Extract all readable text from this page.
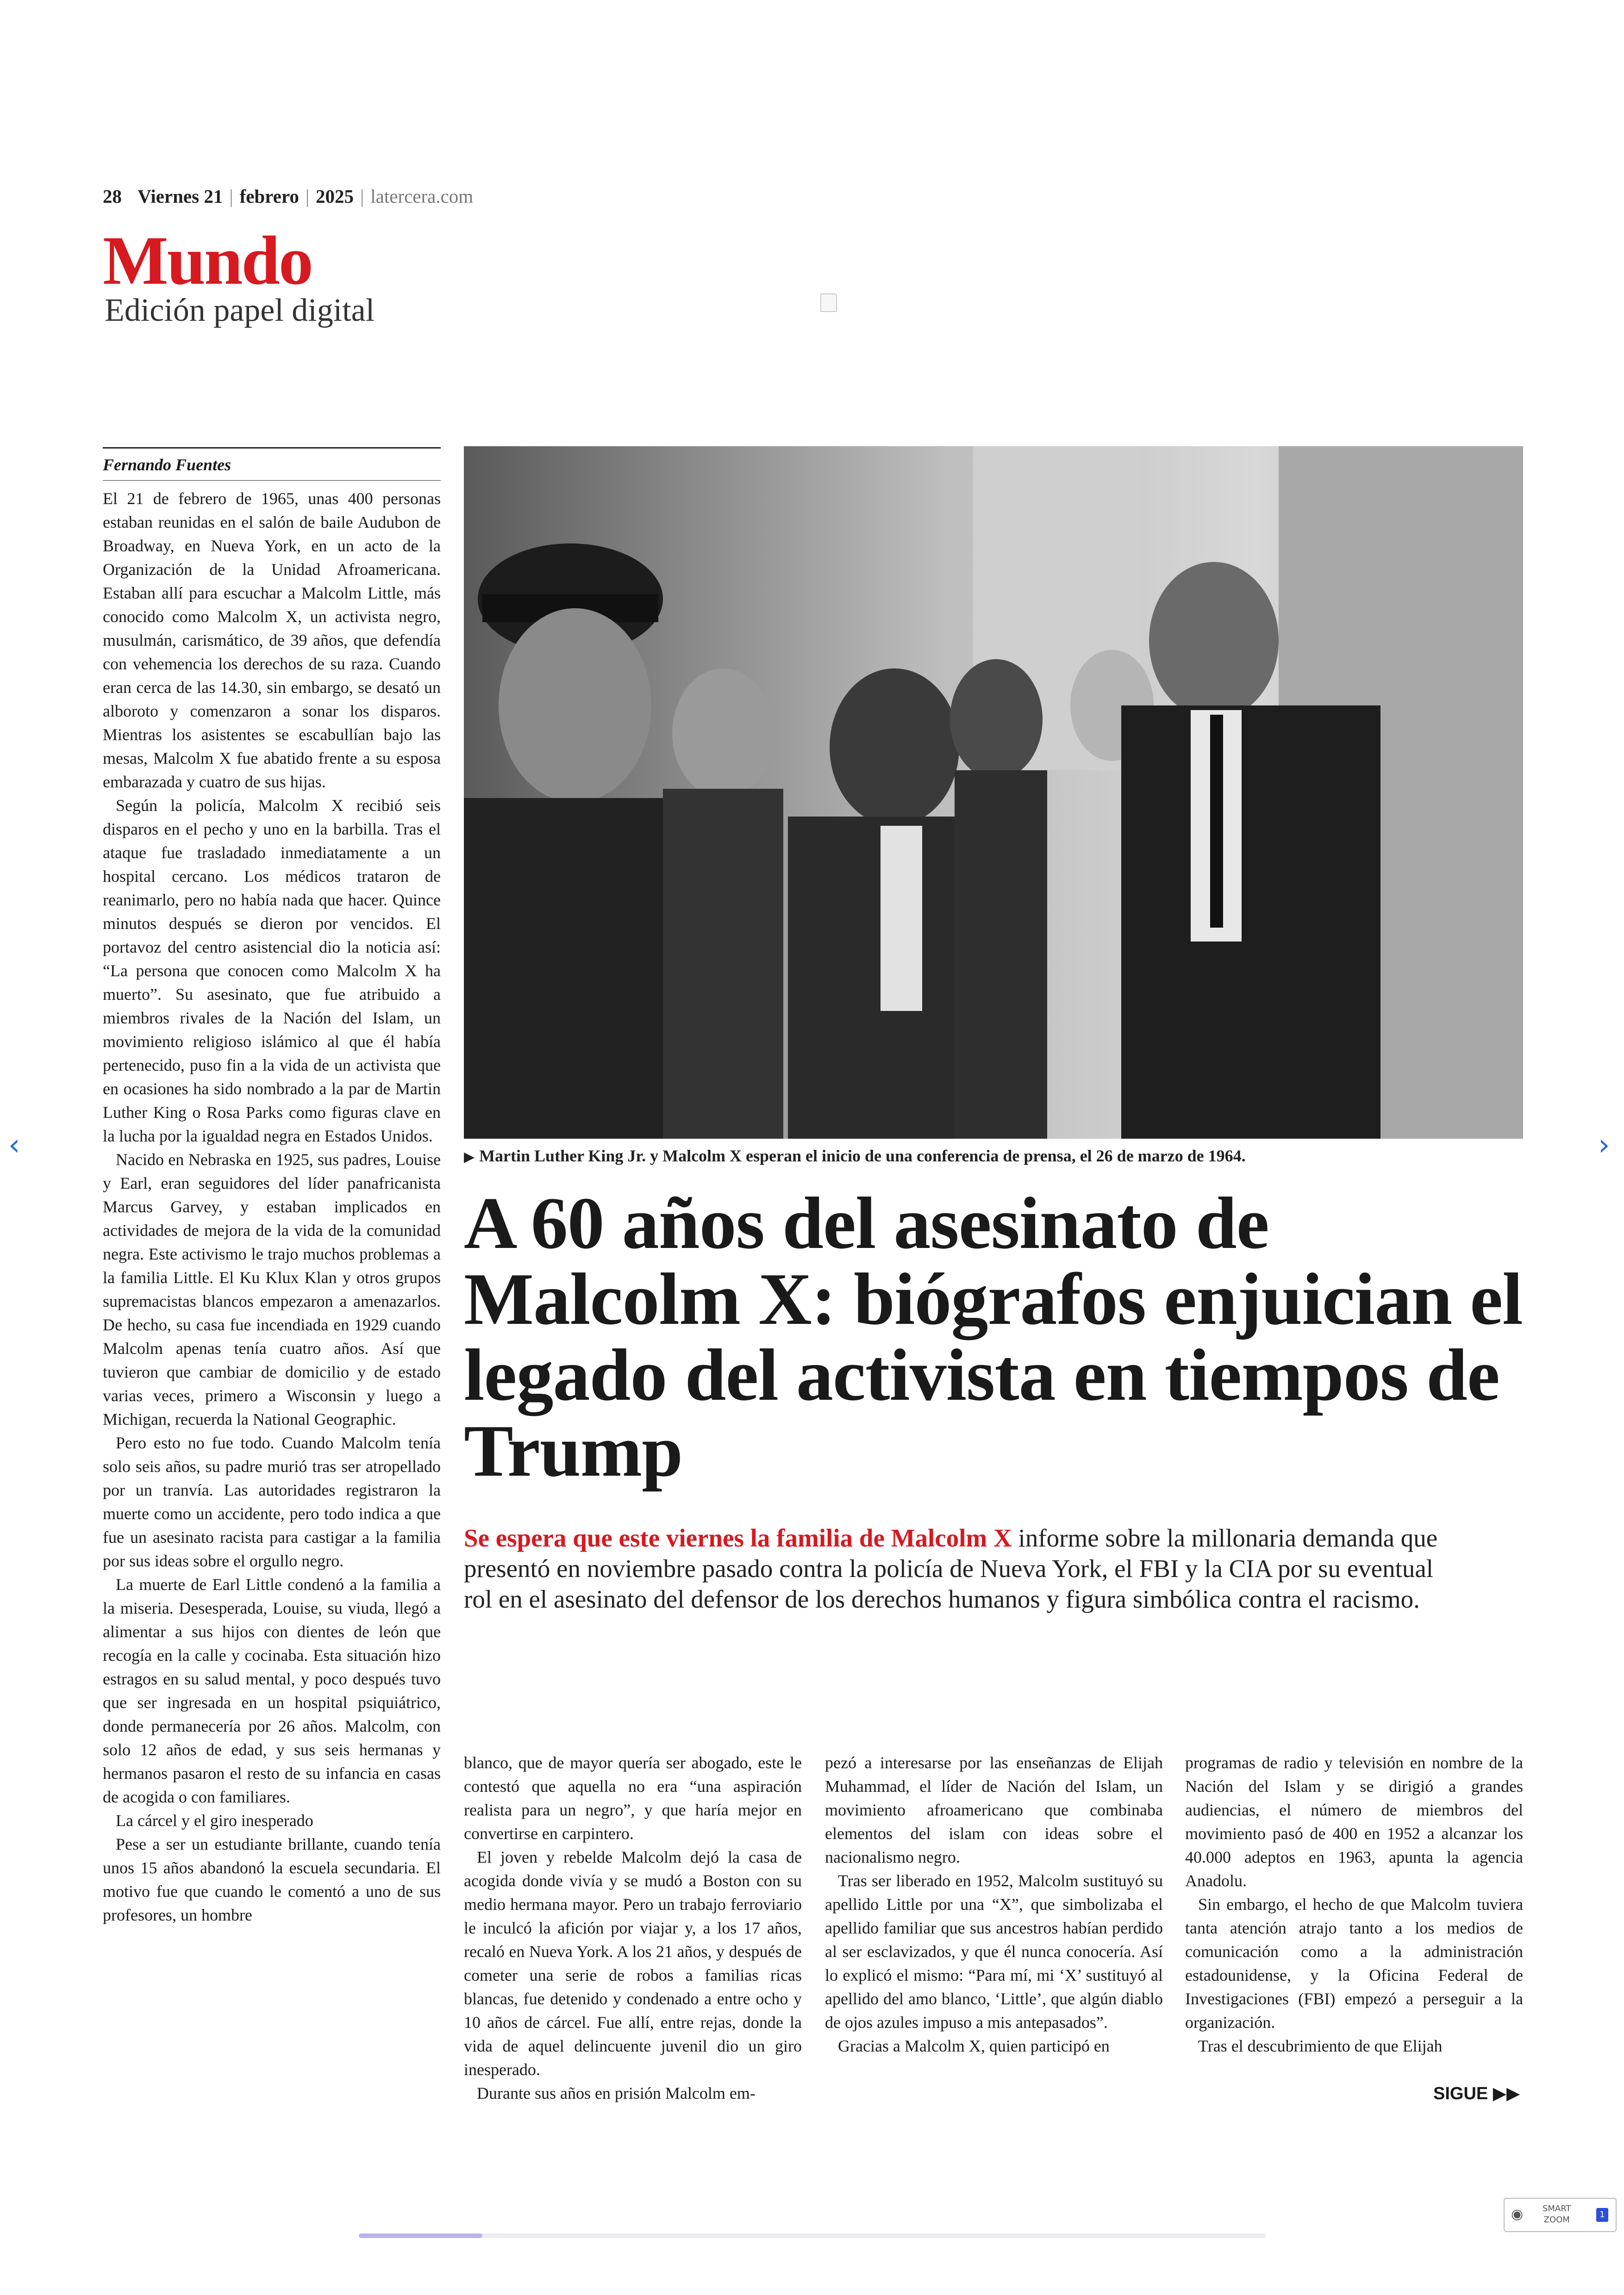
28 Viernes 21 | febrero | 2025 | latercera.com
Mundo
Edición papel digital
Fernando Fuentes

El 21 de febrero de 1965, unas 400 personas estaban reunidas en el salón de baile Audubon de Broadway, en Nueva York, en un acto de la Organización de la Unidad Afroamericana. Estaban allí para escuchar a Malcolm Little, más conocido como Malcolm X, un activista negro, musulmán, carismático, de 39 años, que defendía con vehemencia los derechos de su raza. Cuando eran cerca de las 14.30, sin embargo, se desató un alboroto y comenzaron a sonar los disparos. Mientras los asistentes se escabullían bajo las mesas, Malcolm X fue abatido frente a su esposa embarazada y cuatro de sus hijas.

Según la policía, Malcolm X recibió seis disparos en el pecho y uno en la barbilla. Tras el ataque fue trasladado inmediatamente a un hospital cercano. Los médicos trataron de reanimarlo, pero no había nada que hacer. Quince minutos después se dieron por vencidos. El portavoz del centro asistencial dio la noticia así: “La persona que conocen como Malcolm X ha muerto”. Su asesinato, que fue atribuido a miembros rivales de la Nación del Islam, un movimiento religioso islámico al que él había pertenecido, puso fin a la vida de un activista que en ocasiones ha sido nombrado a la par de Martin Luther King o Rosa Parks como figuras clave en la lucha por la igualdad negra en Estados Unidos.

Nacido en Nebraska en 1925, sus padres, Louise y Earl, eran seguidores del líder panafricanista Marcus Garvey, y estaban implicados en actividades de mejora de la vida de la comunidad negra. Este activismo le trajo muchos problemas a la familia Little. El Ku Klux Klan y otros grupos supremacistas blancos empezaron a amenazarlos. De hecho, su casa fue incendiada en 1929 cuando Malcolm apenas tenía cuatro años. Así que tuvieron que cambiar de domicilio y de estado varias veces, primero a Wisconsin y luego a Michigan, recuerda la National Geographic.

Pero esto no fue todo. Cuando Malcolm tenía solo seis años, su padre murió tras ser atropellado por un tranvía. Las autoridades registraron la muerte como un accidente, pero todo indica a que fue un asesinato racista para castigar a la familia por sus ideas sobre el orgullo negro.

La muerte de Earl Little condenó a la familia a la miseria. Desesperada, Louise, su viuda, llegó a alimentar a sus hijos con dientes de león que recogía en la calle y cocinaba. Esta situación hizo estragos en su salud mental, y poco después tuvo que ser ingresada en un hospital psiquiátrico, donde permanecería por 26 años. Malcolm, con solo 12 años de edad, y sus seis hermanas y hermanos pasaron el resto de su infancia en casas de acogida o con familiares.

La cárcel y el giro inesperado

Pese a ser un estudiante brillante, cuando tenía unos 15 años abandonó la escuela secundaria. El motivo fue que cuando le comentó a uno de sus profesores, un hombre

▶ Martin Luther King Jr. y Malcolm X esperan el inicio de una conferencia de prensa, el 26 de marzo de 1964.
A 60 años del asesinato de Malcolm X: biógrafos enjuician el legado del activista en tiempos de Trump
Se espera que este viernes la familia de Malcolm X informe sobre la millonaria demanda que presentó en noviembre pasado contra la policía de Nueva York, el FBI y la CIA por su eventual rol en el asesinato del defensor de los derechos humanos y figura simbólica contra el racismo.

blanco, que de mayor quería ser abogado, este le contestó que aquella no era “una aspiración realista para un negro”, y que haría mejor en convertirse en carpintero.

El joven y rebelde Malcolm dejó la casa de acogida donde vivía y se mudó a Boston con su medio hermana mayor. Pero un trabajo ferroviario le inculcó la afición por viajar y, a los 17 años, recaló en Nueva York. A los 21 años, y después de cometer una serie de robos a familias ricas blancas, fue detenido y condenado a entre ocho y 10 años de cárcel. Fue allí, entre rejas, donde la vida de aquel delincuente juvenil dio un giro inesperado.

Durante sus años en prisión Malcolm em-

pezó a interesarse por las enseñanzas de Elijah Muhammad, el líder de Nación del Islam, un movimiento afroamericano que combinaba elementos del islam con ideas sobre el nacionalismo negro.

Tras ser liberado en 1952, Malcolm sustituyó su apellido Little por una “X”, que simbolizaba el apellido familiar que sus ancestros habían perdido al ser esclavizados, y que él nunca conocería. Así lo explicó el mismo: “Para mí, mi ‘X’ sustituyó al apellido del amo blanco, ‘Little’, que algún diablo de ojos azules impuso a mis antepasados”.

Gracias a Malcolm X, quien participó en

programas de radio y televisión en nombre de la Nación del Islam y se dirigió a grandes audiencias, el número de miembros del movimiento pasó de 400 en 1952 a alcanzar los 40.000 adeptos en 1963, apunta la agencia Anadolu.

Sin embargo, el hecho de que Malcolm tuviera tanta atención atrajo tanto a los medios de comunicación como a la administración estadounidense, y la Oficina Federal de Investigaciones (FBI) empezó a perseguir a la organización.

Tras el descubrimiento de que Elijah

SIGUE ▶▶
‹	›
◉ SMART
ZOOM
1
